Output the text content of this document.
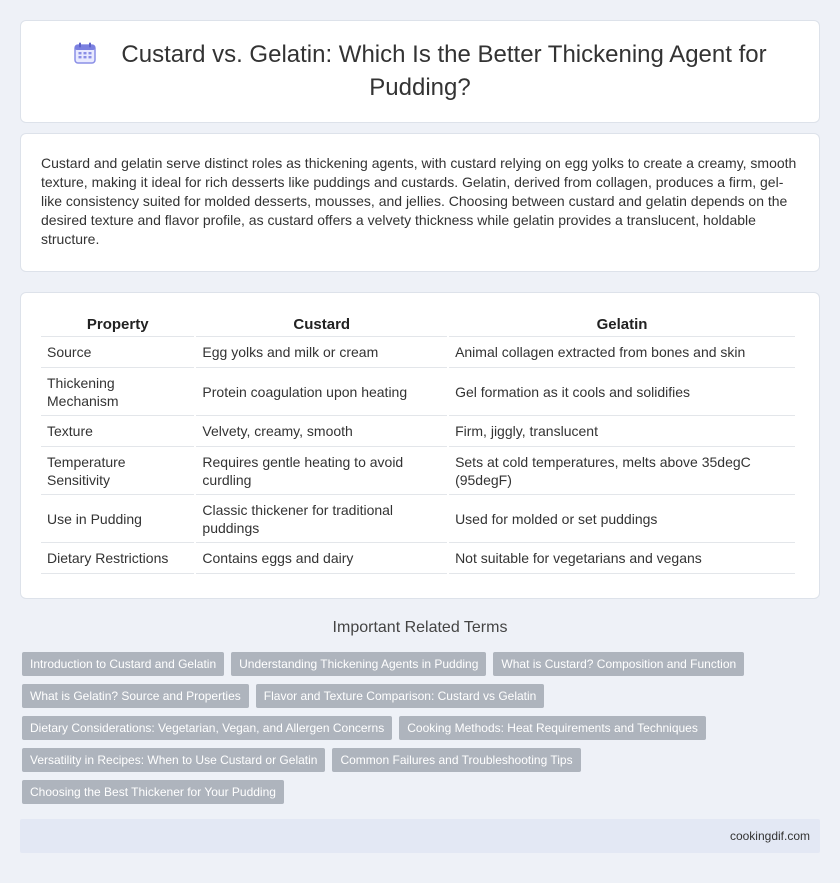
Custard vs. Gelatin: Which Is the Better Thickening Agent for Pudding?
Custard and gelatin serve distinct roles as thickening agents, with custard relying on egg yolks to create a creamy, smooth texture, making it ideal for rich desserts like puddings and custards. Gelatin, derived from collagen, produces a firm, gel-like consistency suited for molded desserts, mousses, and jellies. Choosing between custard and gelatin depends on the desired texture and flavor profile, as custard offers a velvety thickness while gelatin provides a translucent, holdable structure.
Property	Custard	Gelatin
Source	Egg yolks and milk or cream	Animal collagen extracted from bones and skin
Thickening Mechanism	Protein coagulation upon heating	Gel formation as it cools and solidifies
Texture	Velvety, creamy, smooth	Firm, jiggly, translucent
Temperature Sensitivity	Requires gentle heating to avoid curdling	Sets at cold temperatures, melts above 35degC (95degF)
Use in Pudding	Classic thickener for traditional puddings	Used for molded or set puddings
Dietary Restrictions	Contains eggs and dairy	Not suitable for vegetarians and vegans
Important Related Terms
Introduction to Custard and Gelatin	Understanding Thickening Agents in Pudding	What is Custard? Composition and Function
What is Gelatin? Source and Properties	Flavor and Texture Comparison: Custard vs Gelatin
Dietary Considerations: Vegetarian, Vegan, and Allergen Concerns	Cooking Methods: Heat Requirements and Techniques
Versatility in Recipes: When to Use Custard or Gelatin	Common Failures and Troubleshooting Tips
Choosing the Best Thickener for Your Pudding
cookingdif.com
